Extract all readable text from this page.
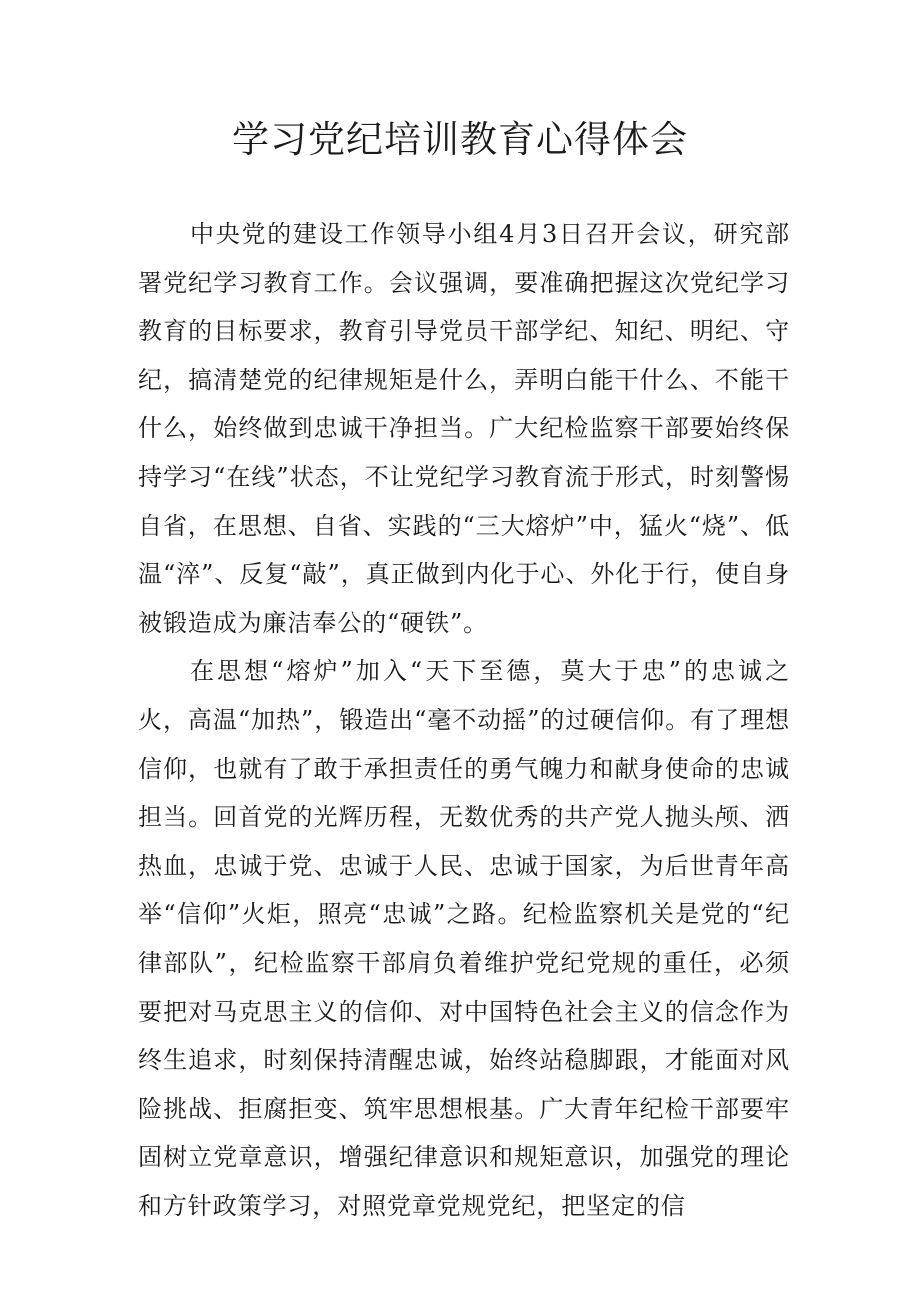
学习党纪培训教育心得体会

中央党的建设工作领导小组4月3日召开会议，研究部署党纪学习教育工作。会议强调，要准确把握这次党纪学习教育的目标要求，教育引导党员干部学纪、知纪、明纪、守纪，搞清楚党的纪律规矩是什么，弄明白能干什么、不能干什么，始终做到忠诚干净担当。广大纪检监察干部要始终保持学习“在线”状态，不让党纪学习教育流于形式，时刻警惕自省，在思想、自省、实践的“三大熔炉”中，猛火“烧”、低温“淬”、反复“敲”，真正做到内化于心、外化于行，使自身被锻造成为廉洁奉公的“硬铁”。

在思想“熔炉”加入“天下至德，莫大于忠”的忠诚之火，高温“加热”，锻造出“毫不动摇”的过硬信仰。有了理想信仰，也就有了敢于承担责任的勇气魄力和献身使命的忠诚担当。回首党的光辉历程，无数优秀的共产党人抛头颅、洒热血，忠诚于党、忠诚于人民、忠诚于国家，为后世青年高举“信仰”火炬，照亮“忠诚”之路。纪检监察机关是党的“纪律部队”，纪检监察干部肩负着维护党纪党规的重任，必须要把对马克思主义的信仰、对中国特色社会主义的信念作为终生追求，时刻保持清醒忠诚，始终站稳脚跟，才能面对风险挑战、拒腐拒变、筑牢思想根基。广大青年纪检干部要牢固树立党章意识，增强纪律意识和规矩意识，加强党的理论和方针政策学习，对照党章党规党纪，把坚定的信
